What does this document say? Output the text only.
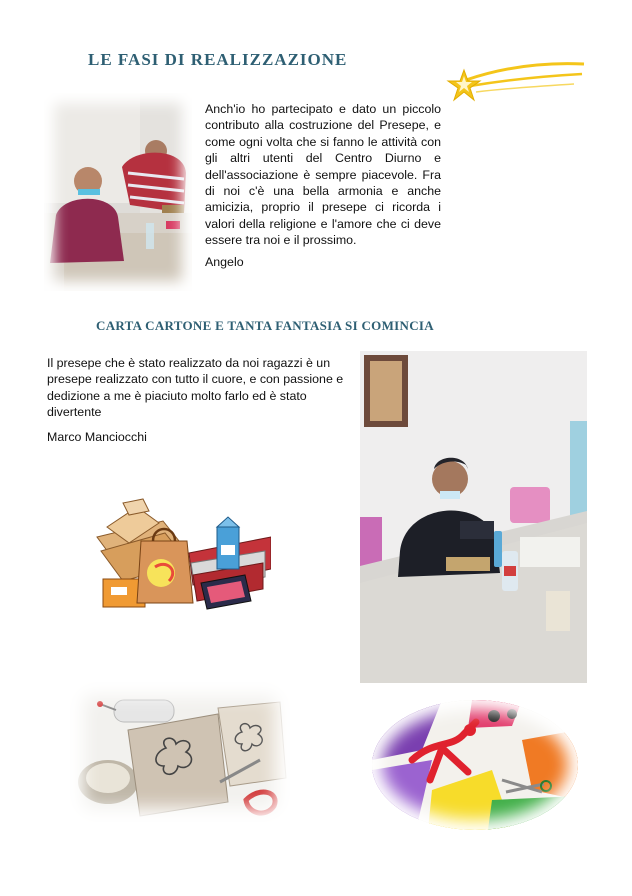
LE FASI DI REALIZZAZIONE
Anch'io ho partecipato e dato un piccolo contributo alla costruzione del Presepe, e come ogni volta che si fanno le attività con gli altri utenti del Centro Diurno e dell'associazione è sempre piacevole. Fra di noi c'è una bella armonia e anche amicizia, proprio il presepe ci ricorda i valori della religione e l'amore che ci deve essere tra noi e il prossimo.
Angelo
CARTA CARTONE E TANTA FANTASIA SI COMINCIA
Il presepe che è stato realizzato da noi ragazzi è un presepe realizzato con tutto il cuore, e con passione e dedizione a me è piaciuto molto farlo ed è stato divertente
Marco Manciocchi
